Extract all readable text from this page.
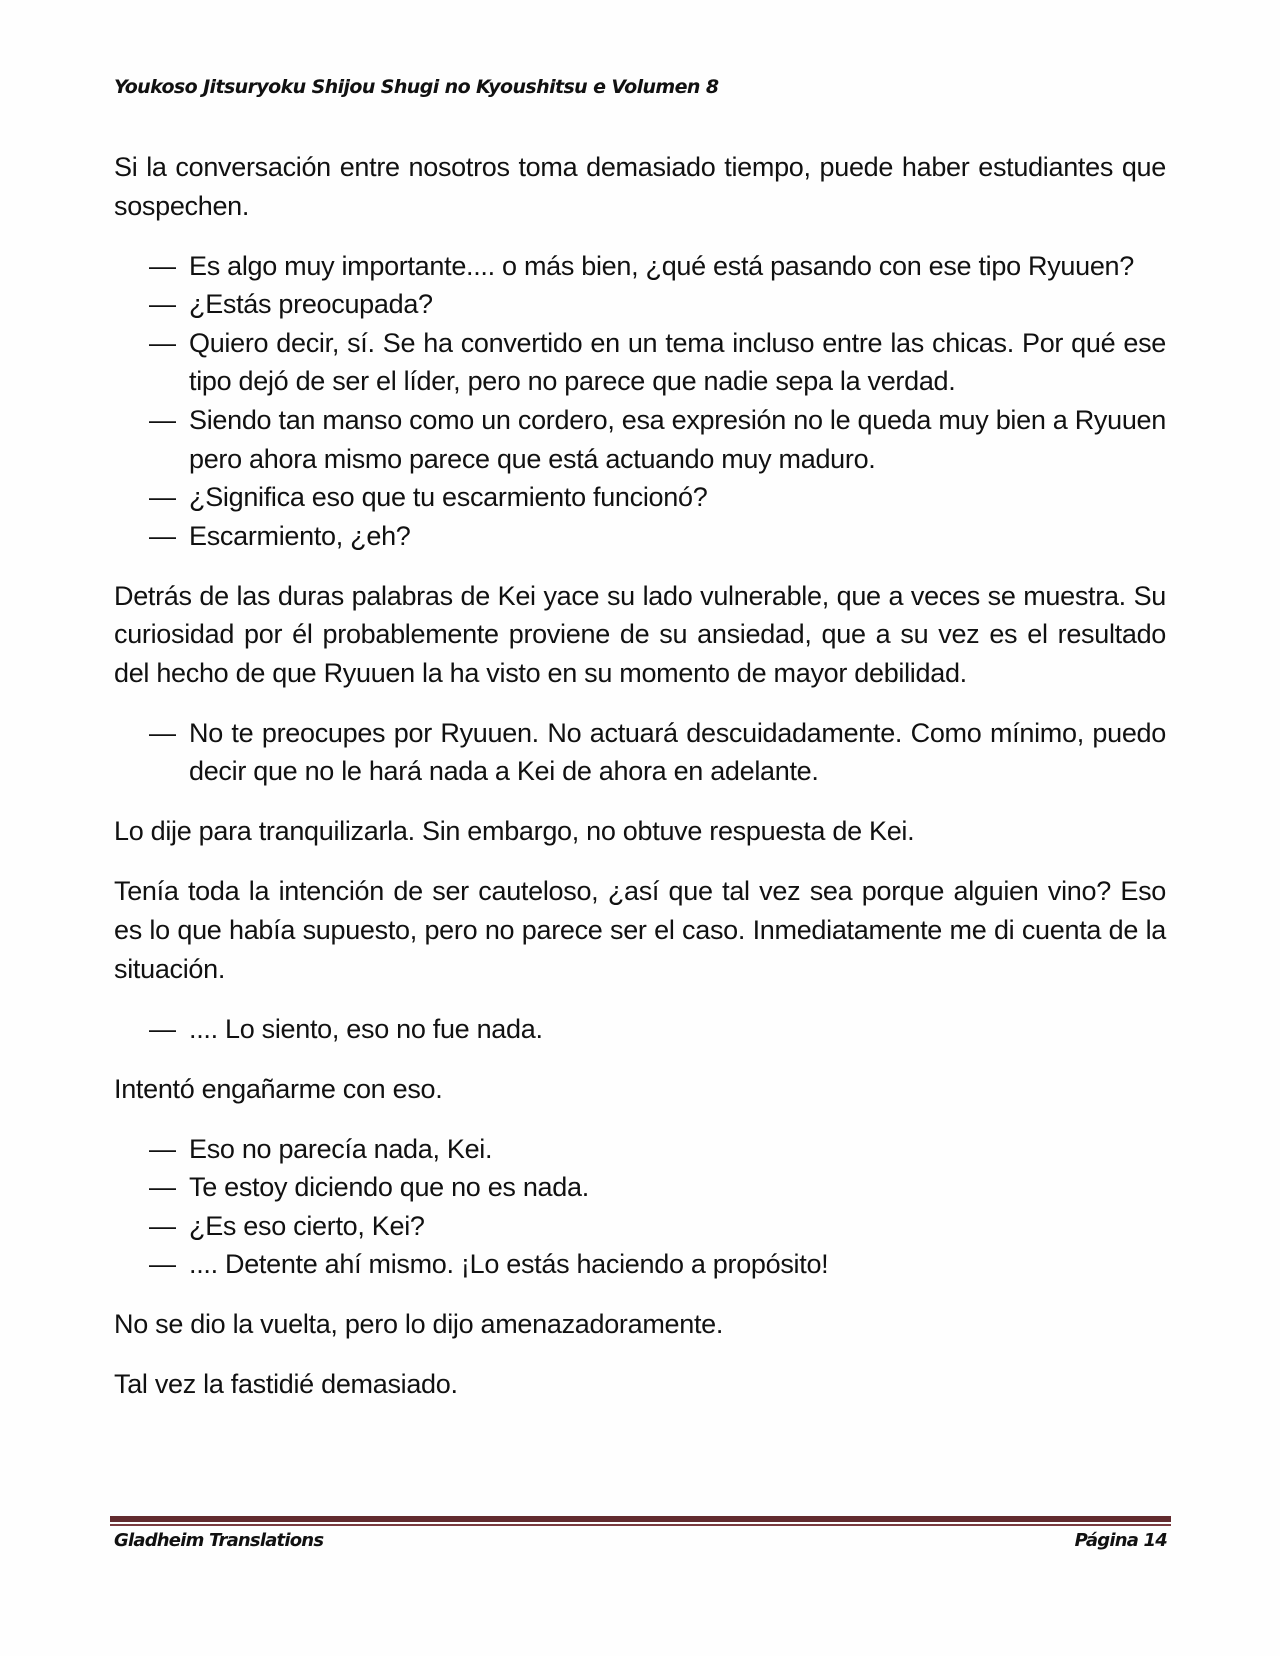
Youkoso Jitsuryoku Shijou Shugi no Kyoushitsu e Volumen 8

Si la conversación entre nosotros toma demasiado tiempo, puede haber estudiantes que sospechen.

— Es algo muy importante.... o más bien, ¿qué está pasando con ese tipo Ryuuen?
— ¿Estás preocupada?
— Quiero decir, sí. Se ha convertido en un tema incluso entre las chicas. Por qué ese tipo dejó de ser el líder, pero no parece que nadie sepa la verdad.
— Siendo tan manso como un cordero, esa expresión no le queda muy bien a Ryuuen pero ahora mismo parece que está actuando muy maduro.
— ¿Significa eso que tu escarmiento funcionó?
— Escarmiento, ¿eh?

Detrás de las duras palabras de Kei yace su lado vulnerable, que a veces se muestra. Su curiosidad por él probablemente proviene de su ansiedad, que a su vez es el resultado del hecho de que Ryuuen la ha visto en su momento de mayor debilidad.

— No te preocupes por Ryuuen. No actuará descuidadamente. Como mínimo, puedo decir que no le hará nada a Kei de ahora en adelante.

Lo dije para tranquilizarla. Sin embargo, no obtuve respuesta de Kei.

Tenía toda la intención de ser cauteloso, ¿así que tal vez sea porque alguien vino? Eso es lo que había supuesto, pero no parece ser el caso. Inmediatamente me di cuenta de la situación.

— .... Lo siento, eso no fue nada.

Intentó engañarme con eso.

— Eso no parecía nada, Kei.
— Te estoy diciendo que no es nada.
— ¿Es eso cierto, Kei?
— .... Detente ahí mismo. ¡Lo estás haciendo a propósito!

No se dio la vuelta, pero lo dijo amenazadoramente.

Tal vez la fastidié demasiado.

Gladheim Translations	Página 14
